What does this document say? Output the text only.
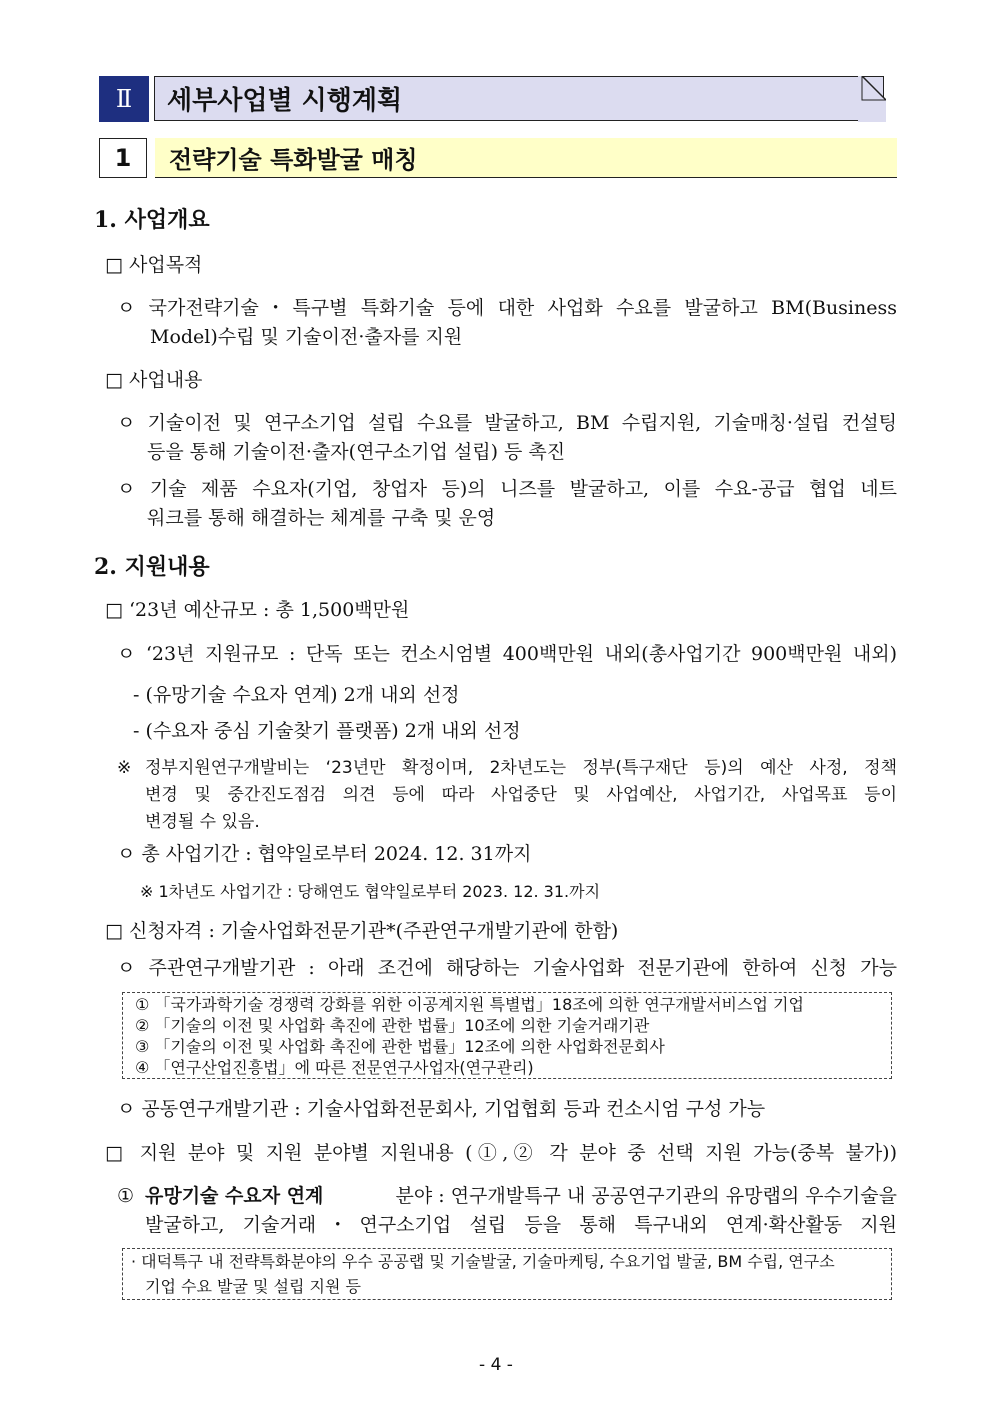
Ⅱ	세부사업별 시행계획
1	전략기술 특화발굴 매칭
1. 사업개요
□ 사업목적
ㅇ 국가전략기술・특구별 특화기술 등에 대한 사업화 수요를 발굴하고 BM(Business
Model)수립 및 기술이전·출자를 지원
□ 사업내용
ㅇ 기술이전 및 연구소기업 설립 수요를 발굴하고, BM 수립지원, 기술매칭·설립 컨설팅
등을 통해 기술이전·출자(연구소기업 설립) 등 촉진
ㅇ 기술 제품 수요자(기업, 창업자 등)의 니즈를 발굴하고, 이를 수요-공급 협업 네트
워크를 통해 해결하는 체계를 구축 및 운영
2. 지원내용
□ ‘23년 예산규모 : 총 1,500백만원
ㅇ ‘23년 지원규모 : 단독 또는 컨소시엄별 400백만원 내외(총사업기간 900백만원 내외)
- (유망기술 수요자 연계) 2개 내외 선정
- (수요자 중심 기술찾기 플랫폼) 2개 내외 선정
※ 정부지원연구개발비는 ‘23년만 확정이며, 2차년도는 정부(특구재단 등)의 예산 사정, 정책
변경 및 중간진도점검 의견 등에 따라 사업중단 및 사업예산, 사업기간, 사업목표 등이
변경될 수 있음.
ㅇ 총 사업기간 : 협약일로부터 2024. 12. 31까지
※ 1차년도 사업기간 : 당해연도 협약일로부터 2023. 12. 31.까지
□ 신청자격 : 기술사업화전문기관*(주관연구개발기관에 한함)
ㅇ 주관연구개발기관 : 아래 조건에 해당하는 기술사업화 전문기관에 한하여 신청 가능
① 「국가과학기술 경쟁력 강화를 위한 이공계지원 특별법」18조에 의한 연구개발서비스업 기업
② 「기술의 이전 및 사업화 촉진에 관한 법률」10조에 의한 기술거래기관
③ 「기술의 이전 및 사업화 촉진에 관한 법률」12조에 의한 사업화전문회사
④ 「연구산업진흥법」에 따른 전문연구사업자(연구관리)
ㅇ 공동연구개발기관 : 기술사업화전문회사, 기업협회 등과 컨소시엄 구성 가능
□ 지원 분야 및 지원 분야별 지원내용 (①,② 각 분야 중 선택 지원 가능(중복 불가))
① 유망기술 수요자 연계	분야 : 연구개발특구 내 공공연구기관의 유망랩의 우수기술을
발굴하고, 기술거래・연구소기업 설립 등을 통해 특구내외 연계·확산활동 지원
· 대덕특구 내 전략특화분야의 우수 공공랩 및 기술발굴, 기술마케팅, 수요기업 발굴, BM 수립, 연구소
기업 수요 발굴 및 설립 지원 등
- 4 -
